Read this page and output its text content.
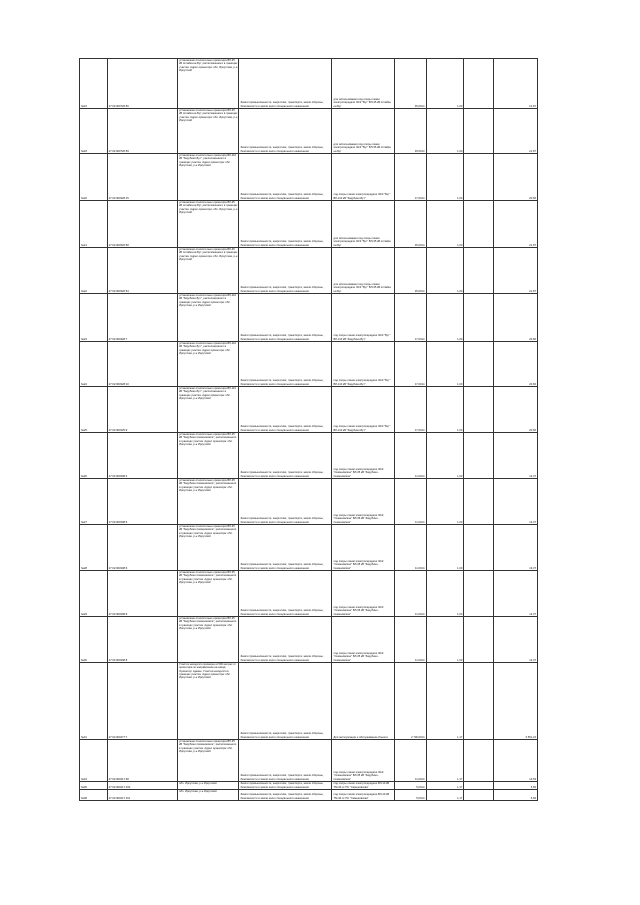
№16	27:02:000726:56	установлено относительно ориентира ВЛ-35 кВ отпайка на Бут, расположенного в границах участка. Адрес ориентира: обл. Иркутская, р-н Иркутский	Земли промышленности, энергетики, транспорта, земли обороны, безопасности и земли иного специального назначения	для использования под опоры линии электропередачи ЭСК "Бут" ВЛ-35 кВ отпайка на Бут	45,0014	1,00		21,87
№18	27:02:000726:59	установлено относительно ориентира ВЛ-35 кВ отпайка на Бут, расположенного в границах участка. Адрес ориентира: обл. Иркутская, р-н Иркутский	Земли промышленности, энергетики, транспорта, земли обороны, безопасности и земли иного специального назначения	для использования под опоры линии электропередачи ЭСК "Бут" ВЛ-35 кВ отпайка на Бут	45,0014	1,00		21,87
№20	27:02:000328:15	установлено относительно ориентира ВЛ-110 кВ "Зарубино-Бут", расположенного в границах участка. Адрес ориентира: обл. Иркутская, р-н Иркутский	Земли промышленности, энергетики, транспорта, земли обороны, безопасности и земли иного специального назначения	под опоры линии электропередачи ЭСК "Бут" ВЛ-110 кВ "Зарубино-Бут"	17,0014	1,00		20,66
№21	27:02:000326:58	установлено относительно ориентира ВЛ-35 кВ отпайка на Бут, расположенного в границах участка. Адрес ориентира: обл. Иркутская, р-н Иркутский	Земли промышленности, энергетики, транспорта, земли обороны, безопасности и земли иного специального назначения	для использования под опоры линии электропередачи ЭСК "Бут" ВЛ-35 кВ отпайка на Бут	45,0014	1,00		21,87
№22	27:02:000326:54	установлено относительно ориентира ВЛ-35 кВ отпайка на Бут, расположенного в границах участка. Адрес ориентира: обл. Иркутская, р-н Иркутский	Земли промышленности, энергетики, транспорта, земли обороны, безопасности и земли иного специального назначения	для использования под опоры линии электропередачи ЭСК "Бут" ВЛ-35 кВ отпайка на Бут	45,0014	1,00		21,87
№23	27:02:000328:7	установлено относительно ориентира ВЛ-110 кВ "Зарубино-Бут", расположенного в границах участка. Адрес ориентира: обл. Иркутская, р-н Иркутский	Земли промышленности, энергетики, транспорта, земли обороны, безопасности и земли иного специального назначения	под опоры линии электропередачи ЭСК "Бут" ВЛ-110 кВ "Зарубино-Бут"	17,0014	1,00		20,66
№24	27:02:000328:10	установлено относительно ориентира ВЛ-110 кВ "Зарубино-Бут", расположенного в границах участка. Адрес ориентира: обл. Иркутская, р-н Иркутский	Земли промышленности, энергетики, транспорта, земли обороны, безопасности и земли иного специального назначения	под опоры линии электропередачи ЭСК "Бут" ВЛ-110 кВ "Зарубино-Бут"	17,0014	1,00		20,66
№25	27:02:000325:9	установлено относительно ориентира ВЛ-110 кВ "Зарубино-Бут", расположенного в границах участка. Адрес ориентира: обл. Иркутская, р-н Иркутский	Земли промышленности, энергетики, транспорта, земли обороны, безопасности и земли иного специального назначения	под опоры линии электропередачи ЭСК "Бут" ВЛ-110 кВ "Зарубино-Бут"	17,0014	1,00		20,66
№26	27:02:000308:3	установлено относительно ориентира ВЛ-35 кВ "Зарубино-Семеновское", расположенного в границах участка. Адрес ориентира: обл. Иркутская, р-н Иркутский	Земли промышленности, энергетики, транспорта, земли обороны, безопасности и земли иного специального назначения	под опоры линии электропередачи ЭСК "Семеновское" ВЛ-35 кВ "Зарубино-Семеновское"	11,0014	1,00		13,37
№27	27:02:000308:5	установлено относительно ориентира ВЛ-35 кВ "Зарубино-Семеновское", расположенного в границах участка. Адрес ориентира: обл. Иркутская, р-н Иркутский	Земли промышленности, энергетики, транспорта, земли обороны, безопасности и земли иного специального назначения	под опоры линии электропередачи ЭСК "Семеновское" ВЛ-35 кВ "Зарубино-Семеновское"	11,0014	1,00		13,37
№28	27:02:000308:6	установлено относительно ориентира ВЛ-35 кВ "Зарубино-Семеновское", расположенного в границах участка. Адрес ориентира: обл. Иркутская, р-н Иркутский	Земли промышленности, энергетики, транспорта, земли обороны, безопасности и земли иного специального назначения	под опоры линии электропередачи ЭСК "Семеновское" ВЛ-35 кВ "Зарубино-Семеновское"	11,0014	1,00		13,37
№29	27:02:000308:9	установлено относительно ориентира ВЛ-35 кВ "Зарубино-Семеновское", расположенного в границах участка. Адрес ориентира: обл. Иркутская, р-н Иркутский	Земли промышленности, энергетики, транспорта, земли обороны, безопасности и земли иного специального назначения	под опоры линии электропередачи ЭСК "Семеновское" ВЛ-35 кВ "Зарубино-Семеновское"	11,0014	1,00		13,37
№30	27:02:000308:8	установлено относительно ориентира ВЛ-35 кВ "Зарубино-Семеновское", расположенного в границах участка. Адрес ориентира: обл. Иркутская, р-н Иркутский	Земли промышленности, энергетики, транспорта, земли обороны, безопасности и земли иного специального назначения	под опоры линии электропередачи ЭСК "Семеновское" ВЛ-35 кВ "Зарубино-Семеновское"	11,0014	1,00		13,37
№31	27:02:000477:7	Участок находится примерно в 500 метрах от ориентира по направлению на запад. Ориентир: здание. Участок находится в границах участка. Адрес ориентира: обл. Иркутская, р-н Иркутский	Земли промышленности, энергетики, транспорта, земли обороны, безопасности и земли иного специального назначения	Для эксплуатации и обслуживания объекта	2 700,0014	1,17		3 551,24
№34	27:02:000417:38	установлено относительно ориентира ВЛ-35 кВ "Зарубино-Семеновское", расположенного в границах участка. Адрес ориентира: обл. Иркутская, р-н Иркутский	Земли промышленности, энергетики, транспорта, земли обороны, безопасности и земли иного специального назначения	под опоры линии электропередачи ЭСК "Семеновское" ВЛ-35 кВ "Зарубино-Семеновское"	11,0014	1,17		12,53
№36	27:02:000417:160	обл. Иркутская, р-н Иркутский	Земли промышленности, энергетики, транспорта, земли обороны, безопасности и земли иного специального назначения	под опоры линии электропередачи ВЛ-10 кВ ТМ-30 от ПС "Семеновская"	5,0014	1,17		5,69
№38	27:02:000417:161	обл. Иркутская, р-н Иркутский	Земли промышленности, энергетики, транспорта, земли обороны, безопасности и земли иного специального назначения	под опоры линии электропередачи ВЛ-10 кВ ТМ-30 от ПС "Семеновская"	5,0014	1,17		5,69
